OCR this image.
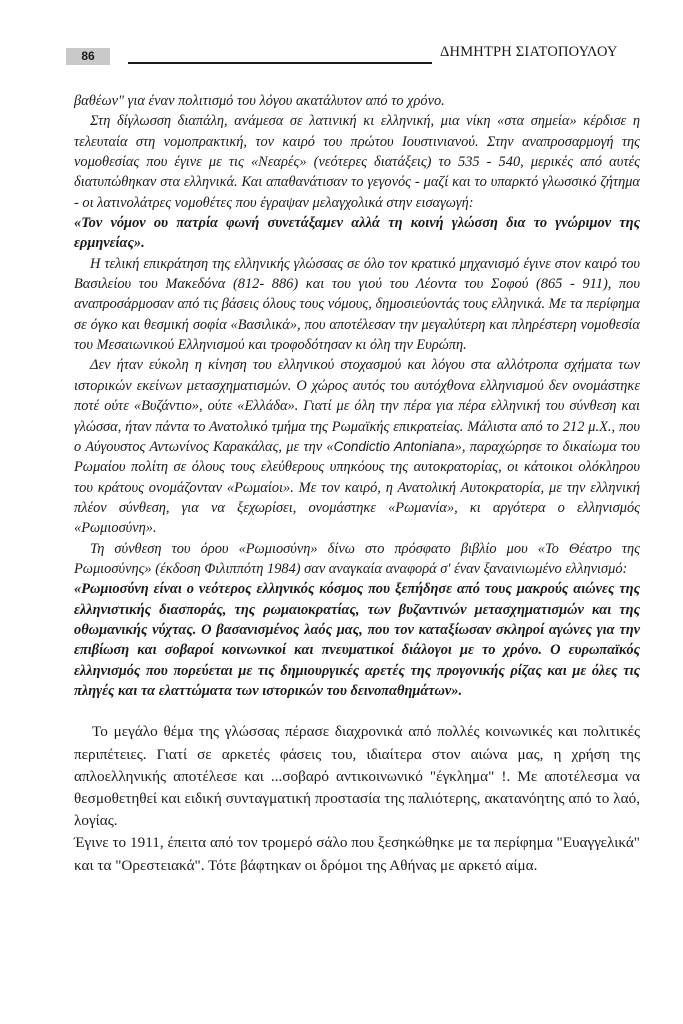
86	ΔΗΜΗΤΡΗ ΣΙΑΤΟΠΟΥΛΟΥ

βαθέων" για έναν πολιτισμό του λόγου ακατάλυτον από το χρόνο.

Στη δίγλωσση διαπάλη, ανάμεσα σε λατινική κι ελληνική, μια νίκη «στα σημεία» κέρδισε η τελευταία στη νομοπρακτική, τον καιρό του πρώτου Ιουστινιανού. Στην αναπροσαρμογή της νομοθεσίας που έγινε με τις «Νεαρές» (νεότερες διατάξεις) το 535 - 540, μερικές από αυτές διατυπώθηκαν στα ελληνικά. Και απαθανάτισαν το γεγονός - μαζί και το υπαρκτό γλωσσικό ζήτημα - οι λατινολάτρες νομοθέτες που έγραψαν μελαγχολικά στην εισαγωγή:

«Τον νόμον ου πατρία φωνή συνετάξαμεν αλλά τη κοινή γλώσση δια το γνώριμον της ερμηνείας».

Η τελική επικράτηση της ελληνικής γλώσσας σε όλο τον κρατικό μηχανισμό έγινε στον καιρό του Βασιλείου του Μακεδόνα (812- 886) και του γιού του Λέοντα του Σοφού (865 - 911), που αναπροσάρμοσαν από τις βάσεις όλους τους νόμους, δημοσιεύοντάς τους ελληνικά. Με τα περίφημα σε όγκο και θεσμική σοφία «Βασιλικά», που αποτέλεσαν την μεγαλύτερη και πληρέστερη νομοθεσία του Μεσαιωνικού Ελληνισμού και τροφοδότησαν κι όλη την Ευρώπη.

Δεν ήταν εύκολη η κίνηση του ελληνικού στοχασμού και λόγου στα αλλότροπα σχήματα των ιστορικών εκείνων μετασχηματισμών. Ο χώρος αυτός του αυτόχθονα ελληνισμού δεν ονομάστηκε ποτέ ούτε «Βυζάντιο», ούτε «Ελλάδα». Γιατί με όλη την πέρα για πέρα ελληνική του σύνθεση και γλώσσα, ήταν πάντα το Ανατολικό τμήμα της Ρωμαϊκής επικρατείας. Μάλιστα από το 212 μ.Χ., που ο Αύγουστος Αντωνίνος Καρακάλας, με την «Condictio Antoniana», παραχώρησε το δικαίωμα του Ρωμαίου πολίτη σε όλους τους ελεύθερους υπηκόους της αυτοκρατορίας, οι κάτοικοι ολόκληρου του κράτους ονομάζονταν «Ρωμαίοι». Με τον καιρό, η Ανατολική Αυτοκρατορία, με την ελληνική πλέον σύνθεση, για να ξεχωρίσει, ονομάστηκε «Ρωμανία», κι αργότερα ο ελληνισμός «Ρωμιοσύνη».

Τη σύνθεση του όρου «Ρωμιοσύνη» δίνω στο πρόσφατο βιβλίο μου «Το Θέατρο της Ρωμιοσύνης» (έκδοση Φιλιππότη 1984) σαν αναγκαία αναφορά σ' έναν ξαναινιωμένο ελληνισμό:

«Ρωμιοσύνη είναι ο νεότερος ελληνικός κόσμος που ξεπήδησε από τους μακρούς αιώνες της ελληνιστικής διασποράς, της ρωμαιοκρατίας, των βυζαντινών μετασχηματισμών και της οθωμανικής νύχτας. Ο βασανισμένος λαός μας, που τον καταξίωσαν σκληροί αγώνες για την επιβίωση και σοβαροί κοινωνικοί και πνευματικοί διάλογοι με το χρόνο. Ο ευρωπαϊκός ελληνισμός που πορεύεται με τις δημιουργικές αρετές της προγονικής ρίζας και με όλες τις πληγές και τα ελαττώματα των ιστορικών του δεινοπαθημάτων».

Το μεγάλο θέμα της γλώσσας πέρασε διαχρονικά από πολλές κοινωνικές και πολιτικές περιπέτειες. Γιατί σε αρκετές φάσεις του, ιδιαίτερα στον αιώνα μας, η χρήση της απλοελληνικής αποτέλεσε και ...σοβαρό αντικοινωνικό "έγκλημα" !. Με αποτέλεσμα να θεσμοθετηθεί και ειδική συνταγματική προστασία της παλιότερης, ακατανόητης από το λαό, λογίας.

Έγινε το 1911, έπειτα από τον τρομερό σάλο που ξεσηκώθηκε με τα περίφημα "Ευαγγελικά" και τα "Ορεστειακά". Τότε βάφτηκαν οι δρόμοι της Αθήνας με αρκετό αίμα.
